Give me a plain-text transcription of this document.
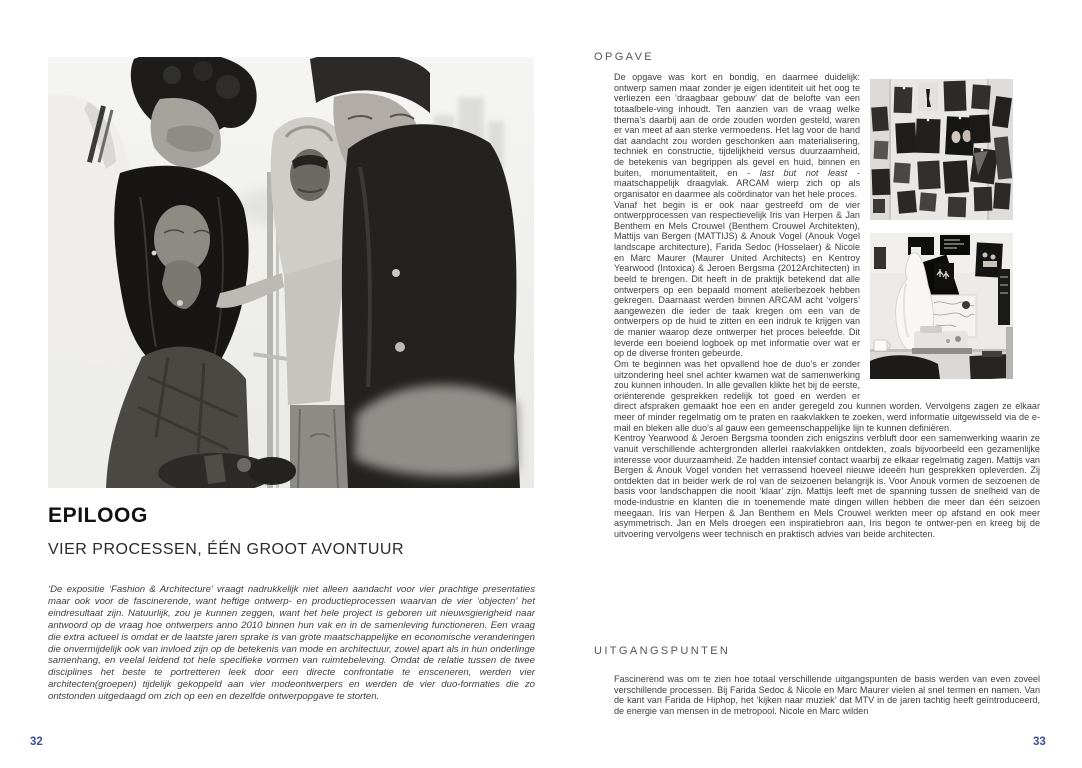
EPILOOG
VIER PROCESSEN, ÉÉN GROOT AVONTUUR

‘De expositie ‘Fashion & Architecture’ vraagt nadrukkelijk niet alleen aandacht voor vier prachtige presentaties maar ook voor de fascinerende, want heftige ontwerp- en productieprocessen waarvan de vier ‘objecten’ het eindresultaat zijn. Natuurlijk, zou je kunnen zeggen, want het hele project is geboren uit nieuwsgierigheid naar antwoord op de vraag hoe ontwerpers anno 2010 binnen hun vak en in de samenleving functioneren. Een vraag die extra actueel is omdat er de laatste jaren sprake is van grote maatschappelijke en economische veranderingen die onvermijdelijk ook van invloed zijn op de betekenis van mode en architectuur, zowel apart als in hun onderlinge samenhang, en veelal leidend tot hele specifieke vormen van ruimtebeleving. Omdat de relatie tussen de twee disciplines het beste te portretteren leek door een directe confrontatie te ensceneren, werden vier architecten(groepen) tijdelijk gekoppeld aan vier modeontwerpers en werden de vier duo-formaties die zo ontstonden uitgedaagd om zich op een en dezelfde ontwerpopgave te storten.

32
OPGAVE

De opgave was kort en bondig, en daarmee duidelijk: ontwerp samen maar zonder je eigen identiteit uit het oog te verliezen een ‘draagbaar gebouw’ dat de belofte van een totaalbele-ving inhoudt. Ten aanzien van de vraag welke thema’s daarbij aan de orde zouden worden gesteld, waren er van meet af aan sterke vermoedens. Het lag voor de hand dat aandacht zou worden geschonken aan materialisering, techniek en constructie, tijdelijkheid versus duurzaamheid, de betekenis van begrippen als gevel en huid, binnen en buiten, monumentaliteit, en - last but not least - maatschappelijk draagvlak. ARCAM wierp zich op als organisator en daarmee als coördinator van het hele proces.

Vanaf het begin is er ook naar gestreefd om de vier ontwerpprocessen van respectievelijk Iris van Herpen & Jan Benthem en Mels Crouwel (Benthem Crouwel Architekten), Mattijs van Bergen (MATTIJS) & Anouk Vogel (Anouk Vogel landscape architecture), Farida Sedoc (Hosselaer) & Nicole en Marc Maurer (Maurer United Architects) en Kentroy Yearwood (Intoxica) & Jeroen Bergsma (2012Architecten) in beeld te brengen. Dit heeft in de praktijk betekend dat alle ontwerpers op een bepaald moment atelierbezoek hebben gekregen. Daarnaast werden binnen ARCAM acht ‘volgers’ aangewezen die ieder de taak kregen om een van de ontwerpers op de huid te zitten en een indruk te krijgen van de manier waarop deze ontwerper het proces beleefde. Dit leverde een boeiend logboek op met informatie over wat er op de diverse fronten gebeurde.

Om te beginnen was het opvallend hoe de duo’s er zonder uitzondering heel snel achter kwamen wat de samenwerking zou kunnen inhouden. In alle gevallen klikte het bij de eerste, oriënterende gesprekken redelijk tot goed en werden er direct afspraken gemaakt hoe een en ander geregeld zou kunnen worden. Vervolgens zagen ze elkaar meer of minder regelmatig om te praten en raakvlakken te zoeken, werd informatie uitgewisseld via de e-mail en bleken alle duo’s al gauw een gemeenschappelijke lijn te kunnen definiëren.

Kentroy Yearwood & Jeroen Bergsma toonden zich enigszins verbluft door een samenwerking waarin ze vanuit verschillende achtergronden allerlei raakvlakken ontdekten, zoals bijvoorbeeld een gezamenlijke interesse voor duurzaamheid. Ze hadden intensief contact waarbij ze elkaar regelmatig zagen. Mattijs van Bergen & Anouk Vogel vonden het verrassend hoeveel nieuwe ideeën hun gesprekken opleverden. Zij ontdekten dat in beider werk de rol van de seizoenen belangrijk is. Voor Anouk vormen de seizoenen de basis voor landschappen die nooit ‘klaar’ zijn. Mattijs leeft met de spanning tussen de snelheid van de mode-industrie en klanten die in toenemende mate dingen willen hebben die meer dan één seizoen meegaan. Iris van Herpen & Jan Benthem en Mels Crouwel werkten meer op afstand en ook meer asymmetrisch. Jan en Mels droegen een inspiratiebron aan, Iris begon te ontwer-pen en kreeg bij de uitvoering vervolgens weer technisch en praktisch advies van beide architecten.

UITGANGSPUNTEN

Fascinerend was om te zien hoe totaal verschillende uitgangspunten de basis werden van even zoveel verschillende processen. Bij Farida Sedoc & Nicole en Marc Maurer vielen al snel termen en namen. Van de kant van Farida de Hiphop, het ‘kijken naar muziek’ dat MTV in de jaren tachtig heeft geïntroduceerd, de energie van mensen in de metropool. Nicole en Marc wilden

33
